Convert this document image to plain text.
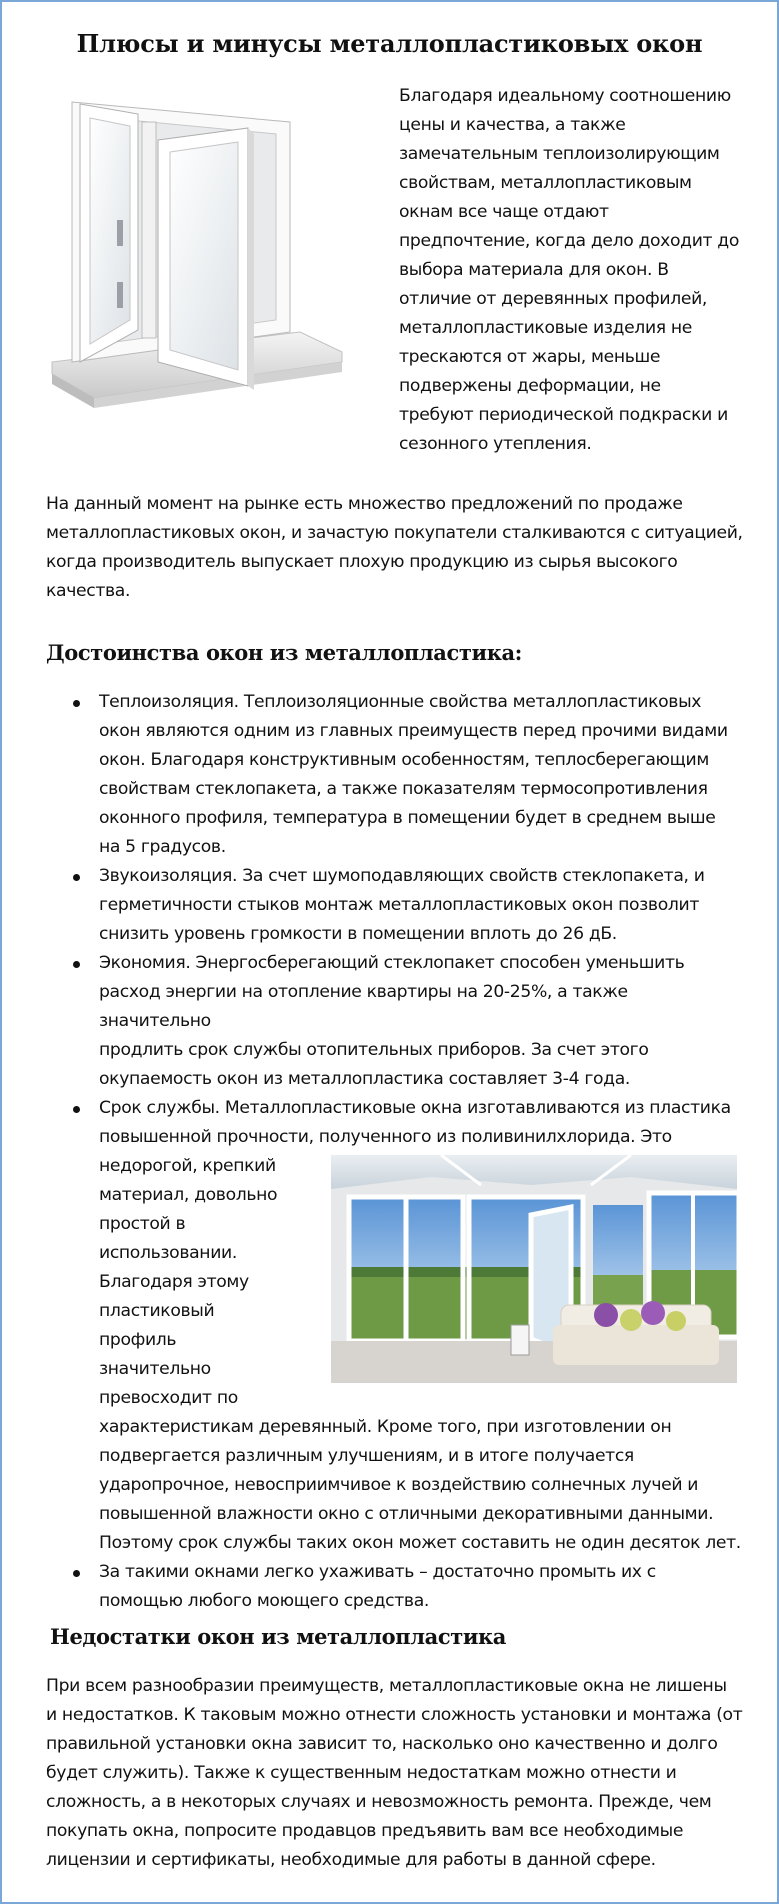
Плюсы и минусы металлопластиковых окон
Благодаря идеальному соотношению
цены и качества, а также
замечательным теплоизолирующим
свойствам, металлопластиковым
окнам все чаще отдают
предпочтение, когда дело доходит до
выбора материала для окон. В
отличие от деревянных профилей,
металлопластиковые изделия не
трескаются от жары, меньше
подвержены деформации, не
требуют периодической подкраски и
сезонного утепления.
На данный момент на рынке есть множество предложений по продаже
металлопластиковых окон, и зачастую покупатели сталкиваются с ситуацией,
когда производитель выпускает плохую продукцию из сырья высокого
качества.
Достоинства окон из металлопластика:
Теплоизоляция. Теплоизоляционные свойства металлопластиковых
окон являются одним из главных преимуществ перед прочими видами
окон. Благодаря конструктивным особенностям, теплосберегающим
свойствам стеклопакета, а также показателям термосопротивления
оконного профиля, температура в помещении будет в среднем выше
на 5 градусов.
Звукоизоляция. За счет шумоподавляющих свойств стеклопакета, и
герметичности стыков монтаж металлопластиковых окон позволит
снизить уровень громкости в помещении вплоть до 26 дБ.
Экономия. Энергосберегающий стеклопакет способен уменьшить
расход энергии на отопление квартиры на 20-25%, а также значительно
продлить срок службы отопительных приборов. За счет этого
окупаемость окон из металлопластика составляет 3-4 года.
Срок службы. Металлопластиковые окна изготавливаются из пластика
повышенной прочности, полученного из поливинилхлорида. Это
недорогой, крепкий
материал, довольно
простой в
использовании.
Благодаря этому
пластиковый
профиль
значительно
превосходит по
характеристикам деревянный. Кроме того, при изготовлении он
подвергается различным улучшениям, и в итоге получается
ударопрочное, невосприимчивое к воздействию солнечных лучей и
повышенной влажности окно с отличными декоративными данными.
Поэтому срок службы таких окон может составить не один десяток лет.
За такими окнами легко ухаживать – достаточно промыть их с
помощью любого моющего средства.
Недостатки окон из металлопластика
При всем разнообразии преимуществ, металлопластиковые окна не лишены
и недостатков. К таковым можно отнести сложность установки и монтажа (от
правильной установки окна зависит то, насколько оно качественно и долго
будет служить). Также к существенным недостаткам можно отнести и
сложность, а в некоторых случаях и невозможность ремонта. Прежде, чем
покупать окна, попросите продавцов предъявить вам все необходимые
лицензии и сертификаты, необходимые для работы в данной сфере.
